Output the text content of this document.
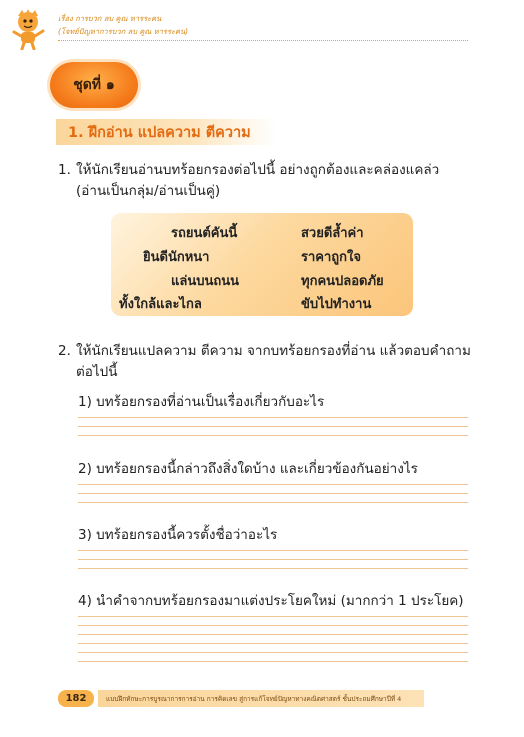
เรื่อง การบวก ลบ คูณ หารระคน
(โจทย์ปัญหาการบวก ลบ คูณ หารระคน)
ชุดที่ ๑
1. ฝึกอ่าน แปลความ ตีความ
1. ให้นักเรียนอ่านบทร้อยกรองต่อไปนี้ อย่างถูกต้องและคล่องแคล่ว
(อ่านเป็นกลุ่ม/อ่านเป็นคู่)
รถยนต์คันนี้
ยินดีนักหนา
แล่นบนถนน
ทั้งใกล้และไกล
สวยดีล้ำค่า
ราคาถูกใจ
ทุกคนปลอดภัย
ขับไปทำงาน
2. ให้นักเรียนแปลความ ตีความ จากบทร้อยกรองที่อ่าน แล้วตอบคำถาม
ต่อไปนี้
1) บทร้อยกรองที่อ่านเป็นเรื่องเกี่ยวกับอะไร
2) บทร้อยกรองนี้กล่าวถึงสิ่งใดบ้าง และเกี่ยวข้องกันอย่างไร
3) บทร้อยกรองนี้ควรตั้งชื่อว่าอะไร
4) นำคำจากบทร้อยกรองมาแต่งประโยคใหม่ (มากกว่า 1 ประโยค)
182	แบบฝึกทักษะการบูรณาการการอ่าน การคิดเลข สู่การแก้โจทย์ปัญหาทางคณิตศาสตร์ ชั้นประถมศึกษาปีที่ 4
